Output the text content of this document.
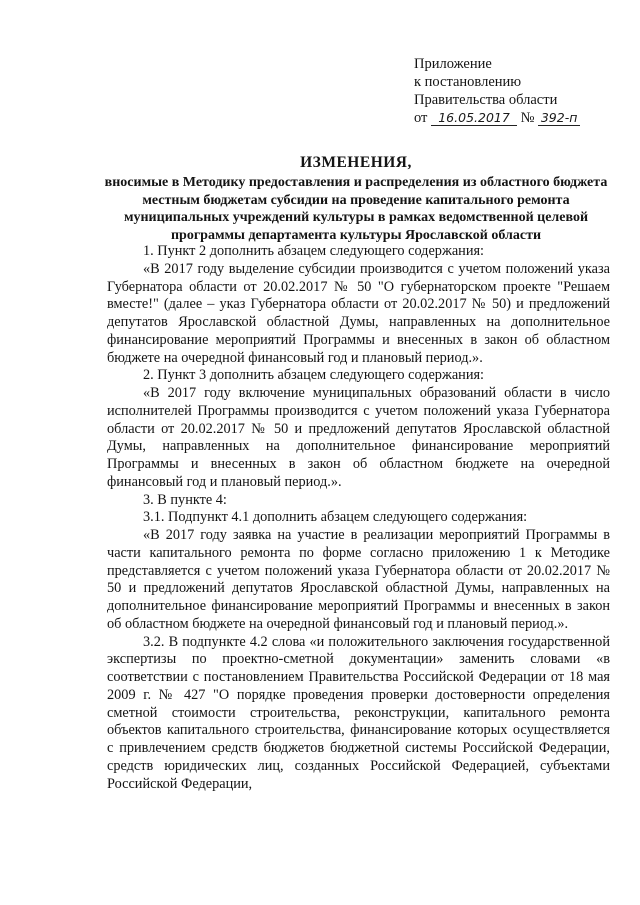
Приложение
к постановлению
Правительства области
от 16.05.2017 № 392-п
ИЗМЕНЕНИЯ,
вносимые в Методику предоставления и распределения из областного бюджета местным бюджетам субсидии на проведение капитального ремонта муниципальных учреждений культуры в рамках ведомственной целевой программы департамента культуры Ярославской области

1. Пункт 2 дополнить абзацем следующего содержания:

«В 2017 году выделение субсидии производится с учетом положений указа Губернатора области от 20.02.2017 № 50 "О губернаторском проекте "Решаем вместе!" (далее – указ Губернатора области от 20.02.2017 № 50) и предложений депутатов Ярославской областной Думы, направленных на дополнительное финансирование мероприятий Программы и внесенных в закон об областном бюджете на очередной финансовый год и плановый период.».

2. Пункт 3 дополнить абзацем следующего содержания:

«В 2017 году включение муниципальных образований области в число исполнителей Программы производится с учетом положений указа Губернатора области от 20.02.2017 № 50 и предложений депутатов Ярославской областной Думы, направленных на дополнительное финансирование мероприятий Программы и внесенных в закон об областном бюджете на очередной финансовый год и плановый период.».

3. В пункте 4:

3.1. Подпункт 4.1 дополнить абзацем следующего содержания:

«В 2017 году заявка на участие в реализации мероприятий Программы в части капитального ремонта по форме согласно приложению 1 к Методике представляется с учетом положений указа Губернатора области от 20.02.2017 № 50 и предложений депутатов Ярославской областной Думы, направленных на дополнительное финансирование мероприятий Программы и внесенных в закон об областном бюджете на очередной финансовый год и плановый период.».

3.2. В подпункте 4.2 слова «и положительного заключения государственной экспертизы по проектно-сметной документации» заменить словами «в соответствии с постановлением Правительства Российской Федерации от 18 мая 2009 г. № 427 "О порядке проведения проверки достоверности определения сметной стоимости строительства, реконструкции, капитального ремонта объектов капитального строительства, финансирование которых осуществляется с привлечением средств бюджетов бюджетной системы Российской Федерации, средств юридических лиц, созданных Российской Федерацией, субъектами Российской Федерации,
